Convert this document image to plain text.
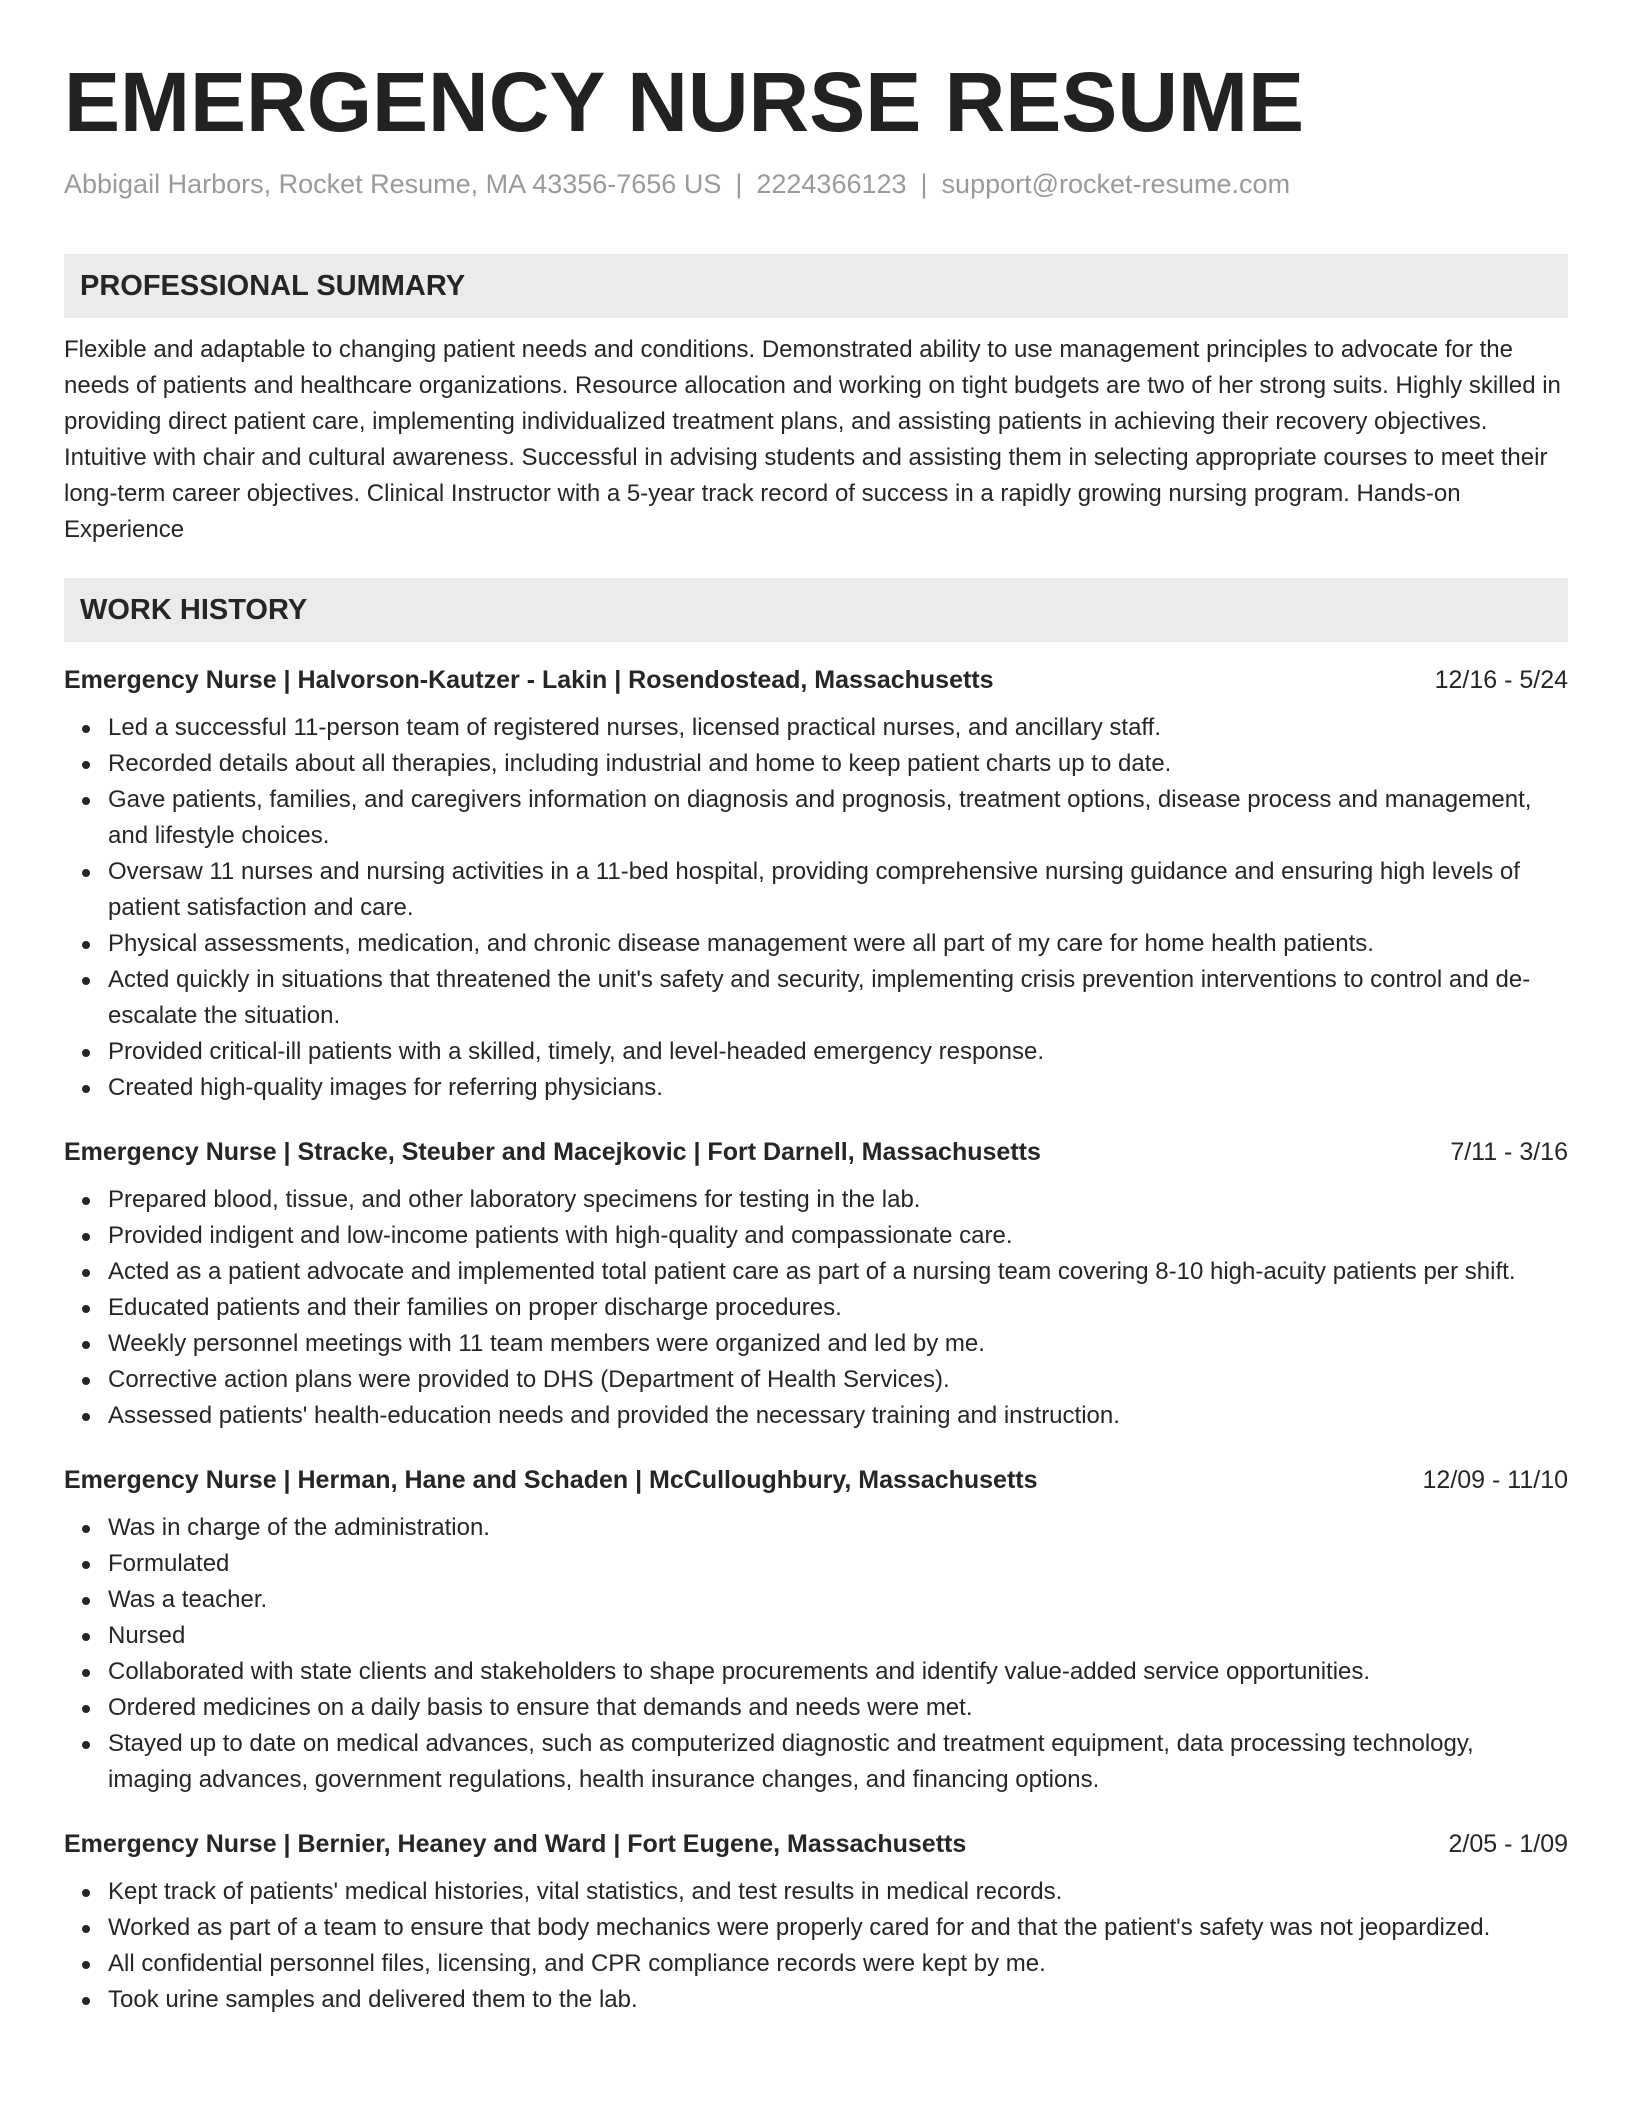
EMERGENCY NURSE RESUME
Abbigail Harbors, Rocket Resume, MA 43356-7656 US | 2224366123 | support@rocket-resume.com
PROFESSIONAL SUMMARY
Flexible and adaptable to changing patient needs and conditions. Demonstrated ability to use management principles to advocate for the needs of patients and healthcare organizations. Resource allocation and working on tight budgets are two of her strong suits. Highly skilled in providing direct patient care, implementing individualized treatment plans, and assisting patients in achieving their recovery objectives. Intuitive with chair and cultural awareness. Successful in advising students and assisting them in selecting appropriate courses to meet their long-term career objectives. Clinical Instructor with a 5-year track record of success in a rapidly growing nursing program. Hands-on Experience
WORK HISTORY
Emergency Nurse | Halvorson-Kautzer - Lakin | Rosendostead, Massachusetts	12/16 - 5/24
Led a successful 11-person team of registered nurses, licensed practical nurses, and ancillary staff.
Recorded details about all therapies, including industrial and home to keep patient charts up to date.
Gave patients, families, and caregivers information on diagnosis and prognosis, treatment options, disease process and management, and lifestyle choices.
Oversaw 11 nurses and nursing activities in a 11-bed hospital, providing comprehensive nursing guidance and ensuring high levels of patient satisfaction and care.
Physical assessments, medication, and chronic disease management were all part of my care for home health patients.
Acted quickly in situations that threatened the unit's safety and security, implementing crisis prevention interventions to control and de-escalate the situation.
Provided critical-ill patients with a skilled, timely, and level-headed emergency response.
Created high-quality images for referring physicians.
Emergency Nurse | Stracke, Steuber and Macejkovic | Fort Darnell, Massachusetts	7/11 - 3/16
Prepared blood, tissue, and other laboratory specimens for testing in the lab.
Provided indigent and low-income patients with high-quality and compassionate care.
Acted as a patient advocate and implemented total patient care as part of a nursing team covering 8-10 high-acuity patients per shift.
Educated patients and their families on proper discharge procedures.
Weekly personnel meetings with 11 team members were organized and led by me.
Corrective action plans were provided to DHS (Department of Health Services).
Assessed patients' health-education needs and provided the necessary training and instruction.
Emergency Nurse | Herman, Hane and Schaden | McCulloughbury, Massachusetts	12/09 - 11/10
Was in charge of the administration.
Formulated
Was a teacher.
Nursed
Collaborated with state clients and stakeholders to shape procurements and identify value-added service opportunities.
Ordered medicines on a daily basis to ensure that demands and needs were met.
Stayed up to date on medical advances, such as computerized diagnostic and treatment equipment, data processing technology, imaging advances, government regulations, health insurance changes, and financing options.
Emergency Nurse | Bernier, Heaney and Ward | Fort Eugene, Massachusetts	2/05 - 1/09
Kept track of patients' medical histories, vital statistics, and test results in medical records.
Worked as part of a team to ensure that body mechanics were properly cared for and that the patient's safety was not jeopardized.
All confidential personnel files, licensing, and CPR compliance records were kept by me.
Took urine samples and delivered them to the lab.
